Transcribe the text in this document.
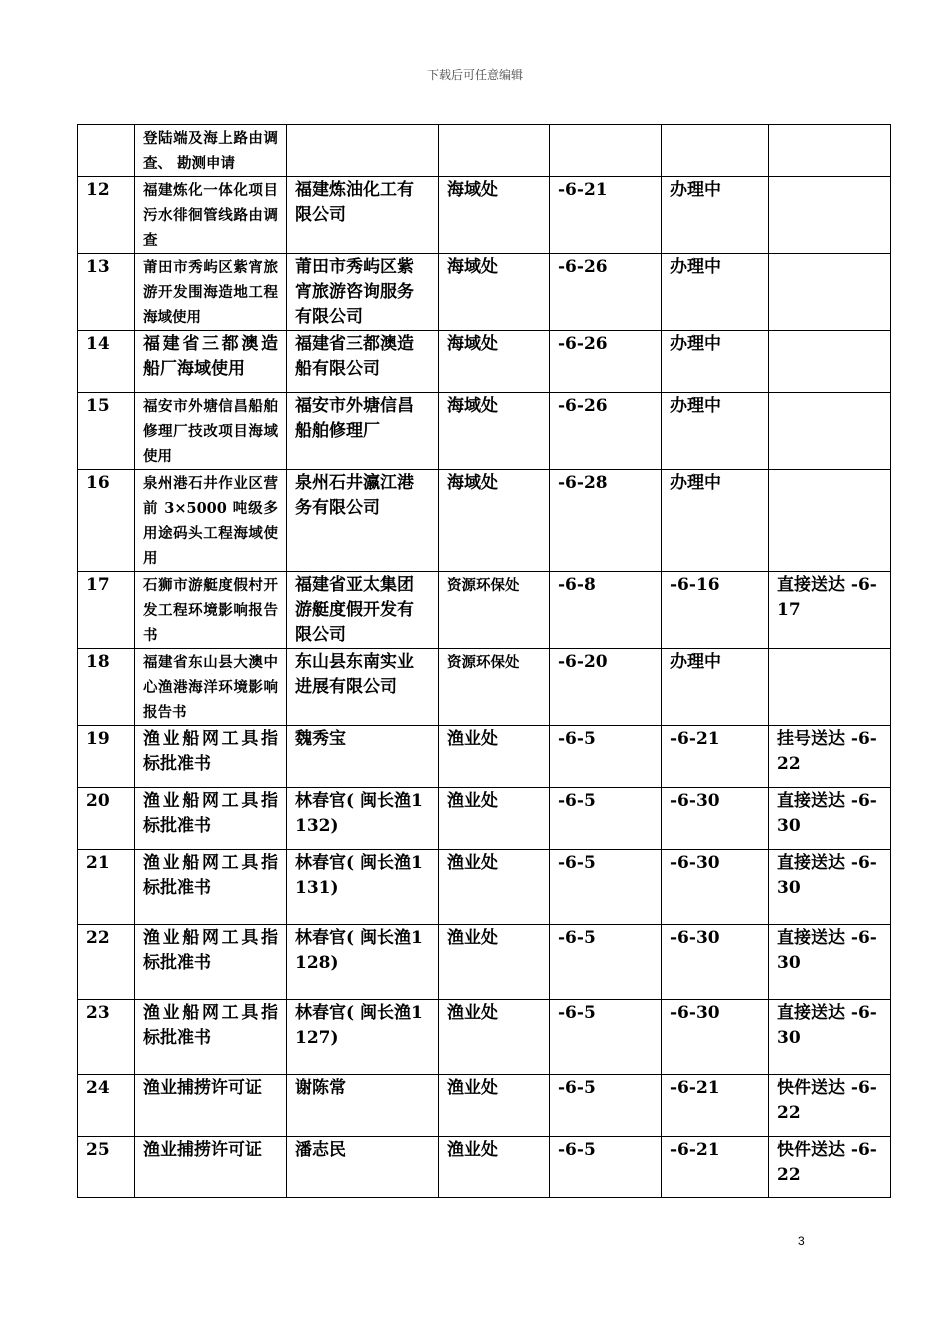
下载后可任意编辑
	登陆端及海上路由调查、 勘测申请					
12	福建炼化一体化项目污水徘徊管线路由调查	福建炼油化工有限公司	海域处	-6-21	办理中	
13	莆田市秀屿区紫宵旅游开发围海造地工程海域使用	莆田市秀屿区紫宵旅游咨询服务有限公司	海域处	-6-26	办理中	
14	福建省三都澳造船厂海域使用	福建省三都澳造船有限公司	海域处	-6-26	办理中	
15	福安市外塘信昌船舶修理厂技改项目海域使用	福安市外塘信昌船舶修理厂	海域处	-6-26	办理中	
16	泉州港石井作业区营前 3×5000 吨级多用途码头工程海域使用	泉州石井瀛江港务有限公司	海域处	-6-28	办理中	
17	石狮市游艇度假村开发工程环境影响报告书	福建省亚太集团游艇度假开发有限公司	资源环保处	-6-8	-6-16	直接送达 -6-17
18	福建省东山县大澳中心渔港海洋环境影响报告书	东山县东南实业进展有限公司	资源环保处	-6-20	办理中	
19	渔业船网工具指标批准书	魏秀宝	渔业处	-6-5	-6-21	挂号送达 -6-22
20	渔业船网工具指标批准书	林春官( 闽长渔1132)	渔业处	-6-5	-6-30	直接送达 -6-30
21	渔业船网工具指标批准书	林春官( 闽长渔1131)	渔业处	-6-5	-6-30	直接送达 -6-30
22	渔业船网工具指标批准书	林春官( 闽长渔1128)	渔业处	-6-5	-6-30	直接送达 -6-30
23	渔业船网工具指标批准书	林春官( 闽长渔1127)	渔业处	-6-5	-6-30	直接送达 -6-30
24	渔业捕捞许可证	谢陈常	渔业处	-6-5	-6-21	快件送达 -6-22
25	渔业捕捞许可证	潘志民	渔业处	-6-5	-6-21	快件送达 -6-22
3
